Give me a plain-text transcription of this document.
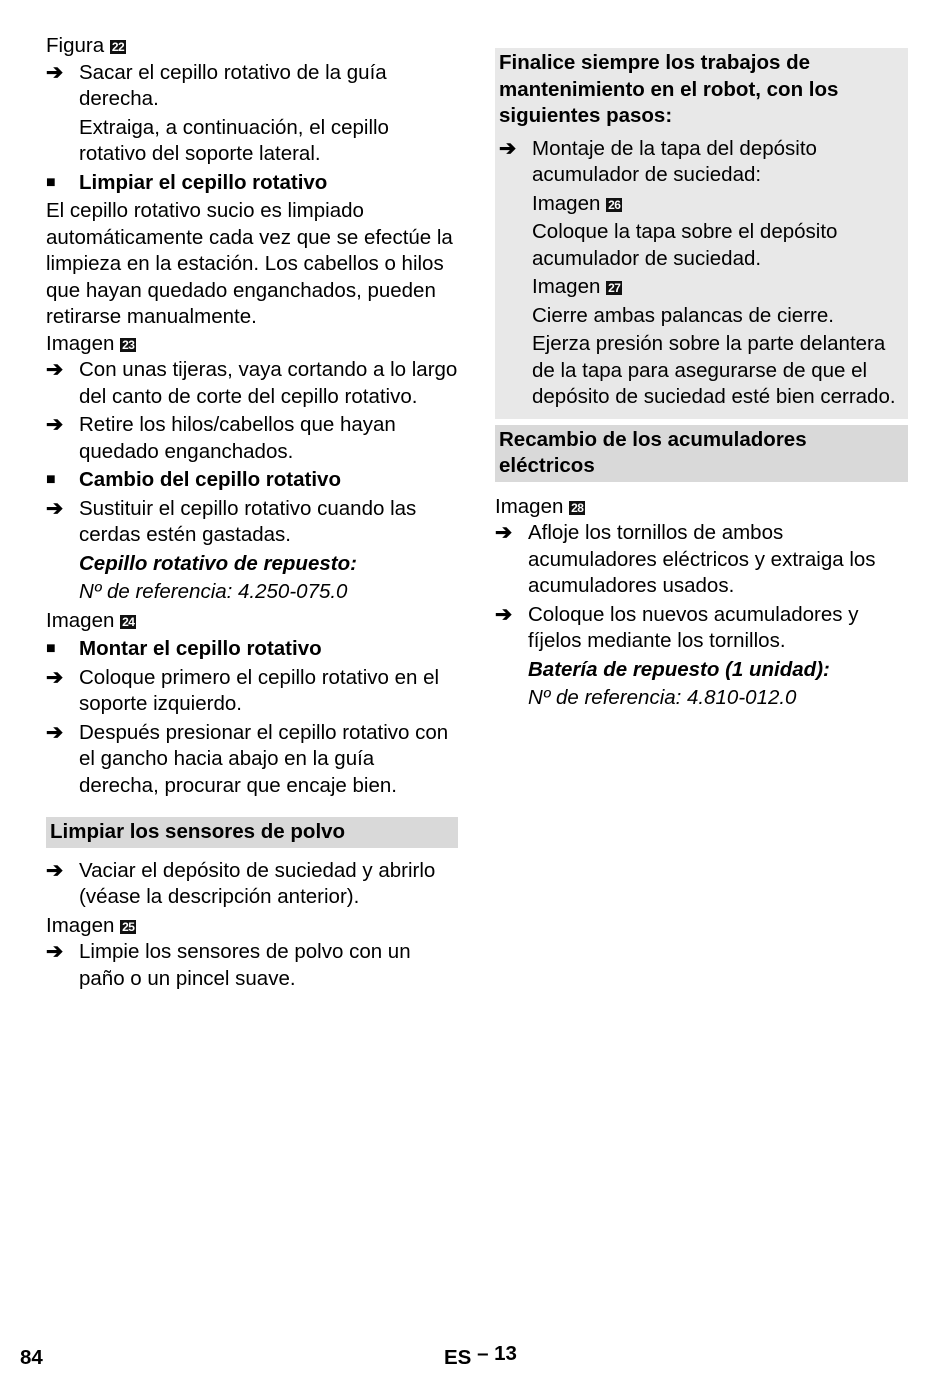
Figura 22

➔ Sacar el cepillo rotativo de la guía derecha.

Extraiga, a continuación, el cepillo rotativo del soporte lateral.

■	Limpiar el cepillo rotativo

El cepillo rotativo sucio es limpiado automáticamente cada vez que se efectúe la limpieza en la estación. Los cabellos o hilos que hayan quedado enganchados, pueden retirarse manualmente.

Imagen 23

➔ Con unas tijeras, vaya cortando a lo largo del canto de corte del cepillo rotativo.
➔ Retire los hilos/cabellos que hayan quedado enganchados.
■	Cambio del cepillo rotativo
➔ Sustituir el cepillo rotativo cuando las cerdas estén gastadas.

Cepillo rotativo de repuesto:

Nº de referencia: 4.250-075.0

Imagen 24

■	Montar el cepillo rotativo
➔ Coloque primero el cepillo rotativo en el soporte izquierdo.
➔ Después presionar el cepillo rotativo con el gancho hacia abajo en la guía derecha, procurar que encaje bien.
Limpiar los sensores de polvo
➔ Vaciar el depósito de suciedad y abrirlo (véase la descripción anterior).

Imagen 25

➔ Limpie los sensores de polvo con un paño o un pincel suave.

Finalice siempre los trabajos de mantenimiento en el robot, con los siguientes pasos:

➔ Montaje de la tapa del depósito acumulador de suciedad:

Imagen 26

Coloque la tapa sobre el depósito acumulador de suciedad.

Imagen 27

Cierre ambas palancas de cierre.

Ejerza presión sobre la parte delantera de la tapa para asegurarse de que el depósito de suciedad esté bien cerrado.

Recambio de los acumuladores eléctricos

Imagen 28

➔ Afloje los tornillos de ambos acumuladores eléctricos y extraiga los acumuladores usados.
➔ Coloque los nuevos acumuladores y fíjelos mediante los tornillos.

Batería de repuesto (1 unidad):

Nº de referencia: 4.810-012.0

84	ES – 13
